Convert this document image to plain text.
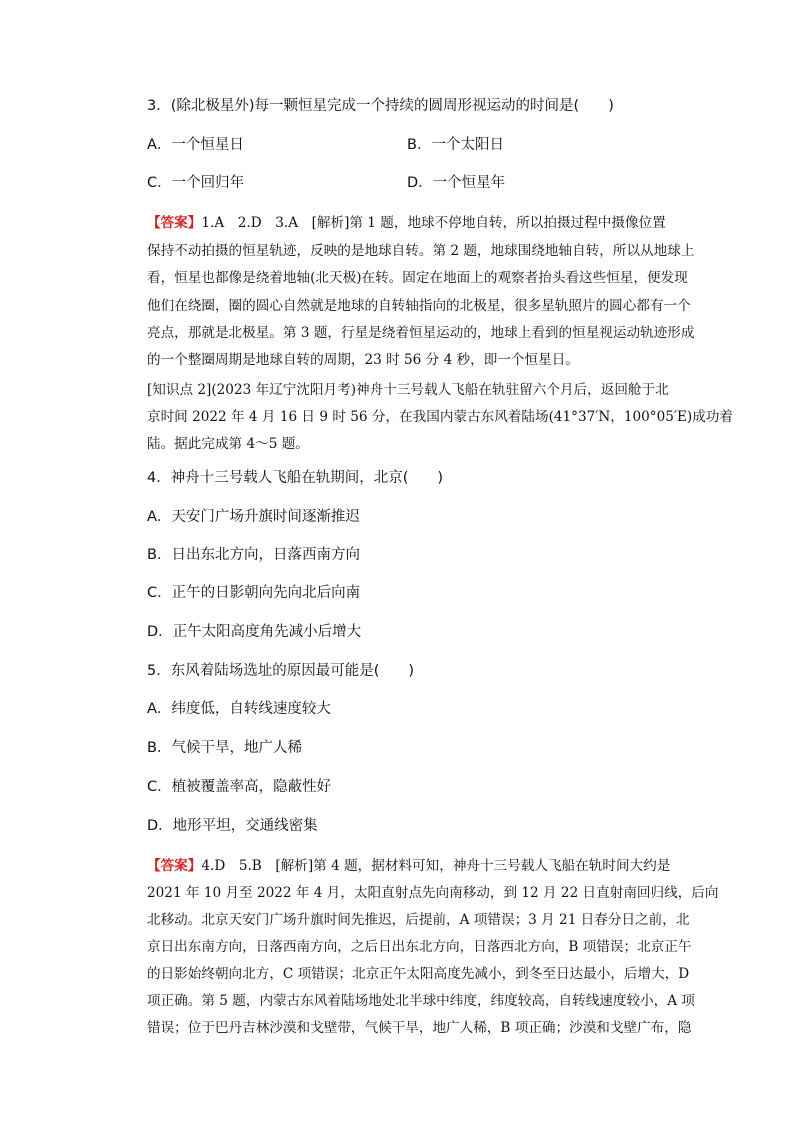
3．(除北极星外)每一颗恒星完成一个持续的圆周形视运动的时间是(　　)
A．一个恒星日	B．一个太阳日
C．一个回归年	D．一个恒星年
【答案】1.A　2.D　3.A　[解析]第 1 题，地球不停地自转，所以拍摄过程中摄像位置
保持不动拍摄的恒星轨迹，反映的是地球自转。第 2 题，地球围绕地轴自转，所以从地球上
看，恒星也都像是绕着地轴(北天极)在转。固定在地面上的观察者抬头看这些恒星，便发现
他们在绕圈，圈的圆心自然就是地球的自转轴指向的北极星，很多星轨照片的圆心都有一个
亮点，那就是北极星。第 3 题，行星是绕着恒星运动的，地球上看到的恒星视运动轨迹形成
的一个整圈周期是地球自转的周期，23 时 56 分 4 秒，即一个恒星日。
[知识点 2](2023 年辽宁沈阳月考)神舟十三号载人飞船在轨驻留六个月后，返回舱于北
京时间 2022 年 4 月 16 日 9 时 56 分，在我国内蒙古东风着陆场(41°37′N，100°05′E)成功着
陆。据此完成第 4～5 题。
4．神舟十三号载人飞船在轨期间，北京(　　)
A．天安门广场升旗时间逐渐推迟
B．日出东北方向，日落西南方向
C．正午的日影朝向先向北后向南
D．正午太阳高度角先减小后增大
5．东风着陆场选址的原因最可能是(　　)
A．纬度低，自转线速度较大
B．气候干旱，地广人稀
C．植被覆盖率高，隐蔽性好
D．地形平坦，交通线密集
【答案】4.D　5.B　[解析]第 4 题，据材料可知，神舟十三号载人飞船在轨时间大约是
2021 年 10 月至 2022 年 4 月，太阳直射点先向南移动，到 12 月 22 日直射南回归线，后向
北移动。北京天安门广场升旗时间先推迟，后提前，A 项错误；3 月 21 日春分日之前，北
京日出东南方向，日落西南方向，之后日出东北方向，日落西北方向，B 项错误；北京正午
的日影始终朝向北方，C 项错误；北京正午太阳高度先减小，到冬至日达最小，后增大，D
项正确。第 5 题，内蒙古东风着陆场地处北半球中纬度，纬度较高，自转线速度较小，A 项
错误；位于巴丹吉林沙漠和戈壁带，气候干旱，地广人稀，B 项正确；沙漠和戈壁广布，隐
